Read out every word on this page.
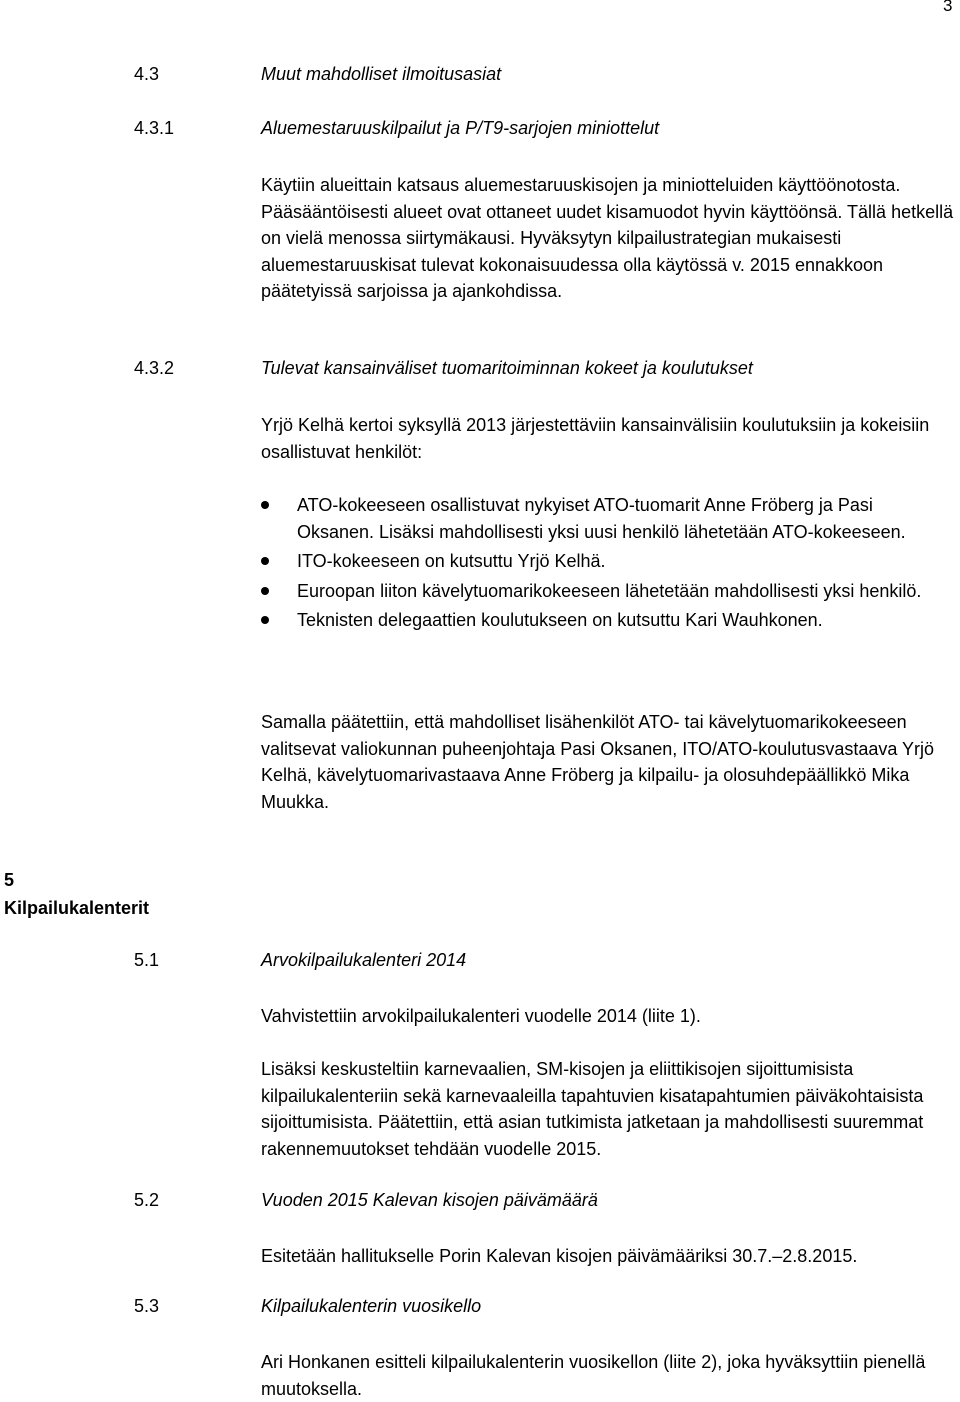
3
4.3	Muut mahdolliset ilmoitusasiat
4.3.1	Aluemestaruuskilpailut ja P/T9-sarjojen miniottelut
Käytiin alueittain katsaus aluemestaruuskisojen ja miniotteluiden käyttöönotosta. Pääsääntöisesti alueet ovat ottaneet uudet kisamuodot hyvin käyttöönsä. Tällä hetkellä on vielä menossa siirtymäkausi. Hyväksytyn kilpailustrategian mukaisesti aluemestaruuskisat tulevat kokonaisuudessa olla käytössä v. 2015 ennakkoon päätetyissä sarjoissa ja ajankohdissa.
4.3.2	Tulevat kansainväliset tuomaritoiminnan kokeet ja koulutukset
Yrjö Kelhä kertoi syksyllä 2013 järjestettäviin kansainvälisiin koulutuksiin ja kokeisiin osallistuvat henkilöt:
ATO-kokeeseen osallistuvat nykyiset ATO-tuomarit Anne Fröberg ja Pasi Oksanen. Lisäksi mahdollisesti yksi uusi henkilö lähetetään ATO-kokeeseen.
ITO-kokeeseen on kutsuttu Yrjö Kelhä.
Euroopan liiton kävelytuomarikokeeseen lähetetään mahdollisesti yksi henkilö.
Teknisten delegaattien koulutukseen on kutsuttu Kari Wauhkonen.
Samalla päätettiin, että mahdolliset lisähenkilöt ATO- tai kävelytuomarikokeeseen valitsevat valiokunnan puheenjohtaja Pasi Oksanen, ITO/ATO-koulutusvastaava Yrjö Kelhä, kävelytuomarivastaava Anne Fröberg ja kilpailu- ja olosuhdepäällikkö Mika Muukka.
5
Kilpailukalenterit
5.1	Arvokilpailukalenteri 2014
Vahvistettiin arvokilpailukalenteri vuodelle 2014 (liite 1).
Lisäksi keskusteltiin karnevaalien, SM-kisojen ja eliittikisojen sijoittumisista kilpailukalenteriin sekä karnevaaleilla tapahtuvien kisatapahtumien päiväkohtaisista sijoittumisista. Päätettiin, että asian tutkimista jatketaan ja mahdollisesti suuremmat rakennemuutokset tehdään vuodelle 2015.
5.2	Vuoden 2015 Kalevan kisojen päivämäärä
Esitetään hallitukselle Porin Kalevan kisojen päivämääriksi 30.7.–2.8.2015.
5.3	Kilpailukalenterin vuosikello
Ari Honkanen esitteli kilpailukalenterin vuosikellon (liite 2), joka hyväksyttiin pienellä muutoksella.
